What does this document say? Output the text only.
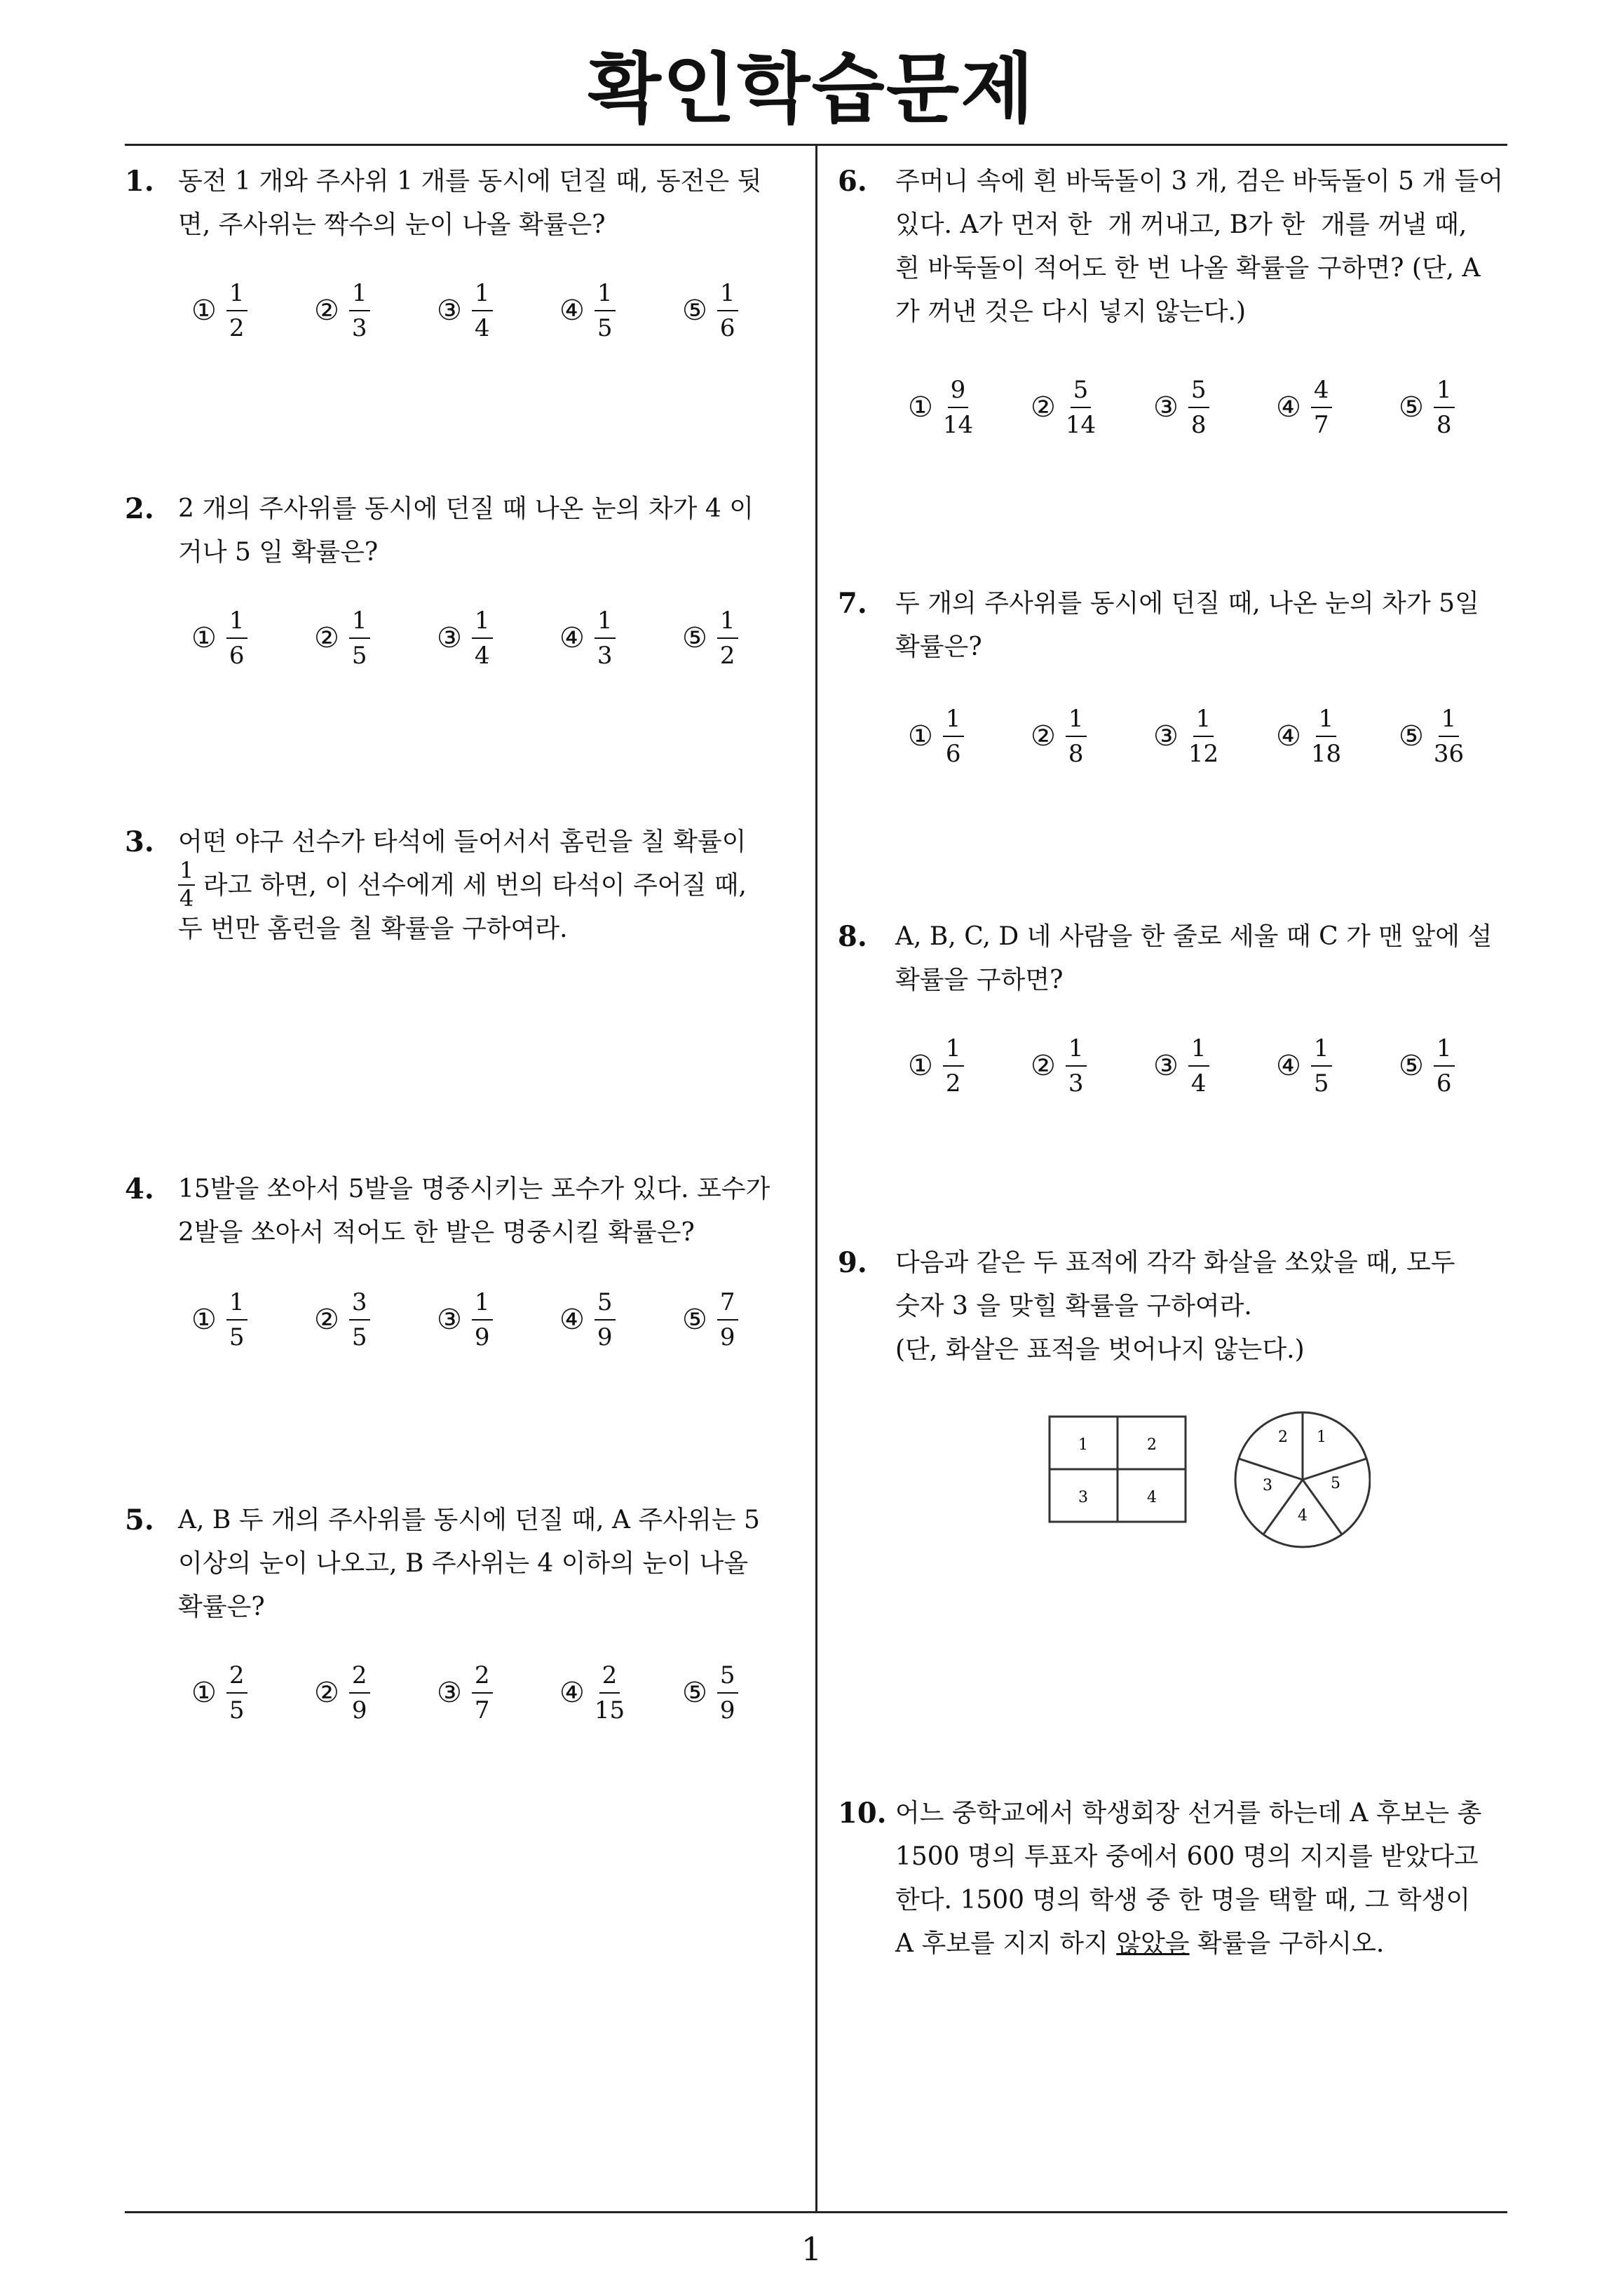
확인학습문제
1. 동전 1 개와 주사위 1 개를 동시에 던질 때, 동전은 뒷
면, 주사위는 짝수의 눈이 나올 확률은?
① $\frac{1}{2}$ ② $\frac{1}{3}$ ③ $\frac{1}{4}$ ④ $\frac{1}{5}$ ⑤ $\frac{1}{6}$
2. 2 개의 주사위를 동시에 던질 때 나온 눈의 차가 4 이
거나 5 일 확률은?
① $\frac{1}{6}$ ② $\frac{1}{5}$ ③ $\frac{1}{4}$ ④ $\frac{1}{3}$ ⑤ $\frac{1}{2}$
3. 어떤 야구 선수가 타석에 들어서서 홈런을 칠 확률이
$\frac{1}{4}$ 라고 하면, 이 선수에게 세 번의 타석이 주어질 때,
두 번만 홈런을 칠 확률을 구하여라.
4. 15발을 쏘아서 5발을 명중시키는 포수가 있다. 포수가
2발을 쏘아서 적어도 한 발은 명중시킬 확률은?
① $\frac{1}{5}$ ② $\frac{3}{5}$ ③ $\frac{1}{9}$ ④ $\frac{5}{9}$ ⑤ $\frac{7}{9}$
5. A, B 두 개의 주사위를 동시에 던질 때, A 주사위는 5
이상의 눈이 나오고, B 주사위는 4 이하의 눈이 나올
확률은?
① $\frac{2}{5}$ ② $\frac{2}{9}$ ③ $\frac{2}{7}$ ④ $\frac{2}{15}$ ⑤ $\frac{5}{9}$
6. 주머니 속에 흰 바둑돌이 3 개, 검은 바둑돌이 5 개 들어
있다. A가 먼저 한  개 꺼내고, B가 한  개를 꺼낼 때,
흰 바둑돌이 적어도 한 번 나올 확률을 구하면? (단, A
가 꺼낸 것은 다시 넣지 않는다.)
① $\frac{9}{14}$ ② $\frac{5}{14}$ ③ $\frac{5}{8}$ ④ $\frac{4}{7}$ ⑤ $\frac{1}{8}$
7. 두 개의 주사위를 동시에 던질 때, 나온 눈의 차가 5일
확률은?
① $\frac{1}{6}$ ② $\frac{1}{8}$ ③ $\frac{1}{12}$ ④ $\frac{1}{18}$ ⑤ $\frac{1}{36}$
8. A, B, C, D 네 사람을 한 줄로 세울 때 C 가 맨 앞에 설
확률을 구하면?
① $\frac{1}{2}$ ② $\frac{1}{3}$ ③ $\frac{1}{4}$ ④ $\frac{1}{5}$ ⑤ $\frac{1}{6}$
9. 다음과 같은 두 표적에 각각 화살을 쏘았을 때, 모두
숫자 3 을 맞힐 확률을 구하여라.
(단, 화살은 표적을 벗어나지 않는다.)
1	2
3	4
2 1
3	5
4
10. 어느 중학교에서 학생회장 선거를 하는데 A 후보는 총
1500 명의 투표자 중에서 600 명의 지지를 받았다고
한다. 1500 명의 학생 중 한 명을 택할 때, 그 학생이
A 후보를 지지 하지 않았을 확률을 구하시오.
1
